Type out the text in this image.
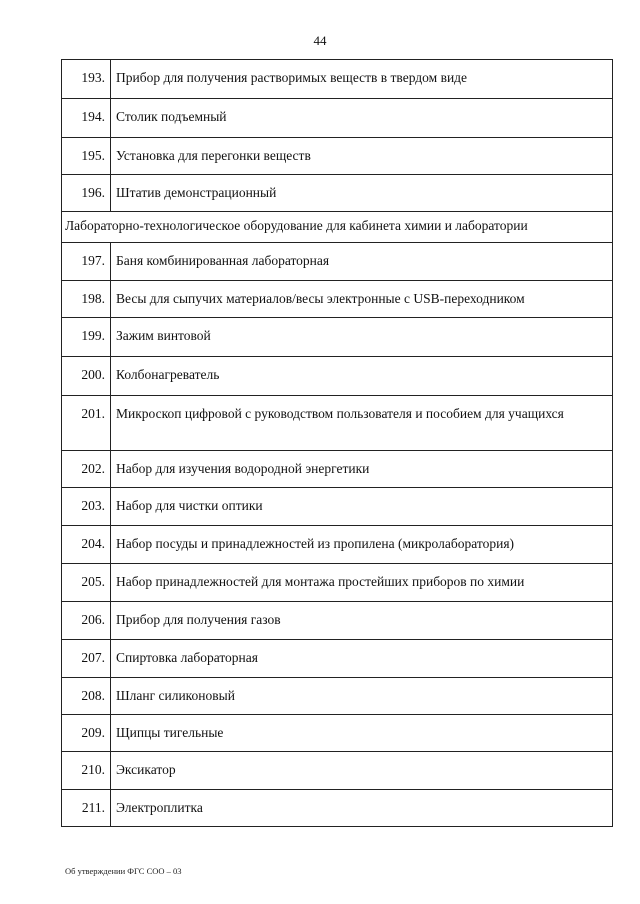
44
193.	Прибор для получения растворимых веществ в твердом виде

194.	Столик подъемный

195.	Установка для перегонки веществ

196.	Штатив демонстрационный

Лабораторно-технологическое оборудование для кабинета химии и лаборатории	

197.	Баня комбинированная лабораторная

198.	Весы для сыпучих материалов/весы электронные с USB-переходником

199.	Зажим винтовой

200.	Колбонагреватель

201.	Микроскоп цифровой с руководством пользователя и пособием для учащихся

202.	Набор для изучения водородной энергетики

203.	Набор для чистки оптики

204.	Набор посуды и принадлежностей из пропилена (микролаборатория)

205.	Набор принадлежностей для монтажа простейших приборов по химии

206.	Прибор для получения газов

207.	Спиртовка лабораторная

208.	Шланг силиконовый

209.	Щипцы тигельные

210.	Эксикатор

211.	Электроплитка
Об утверждении ФГС СОО – 03
